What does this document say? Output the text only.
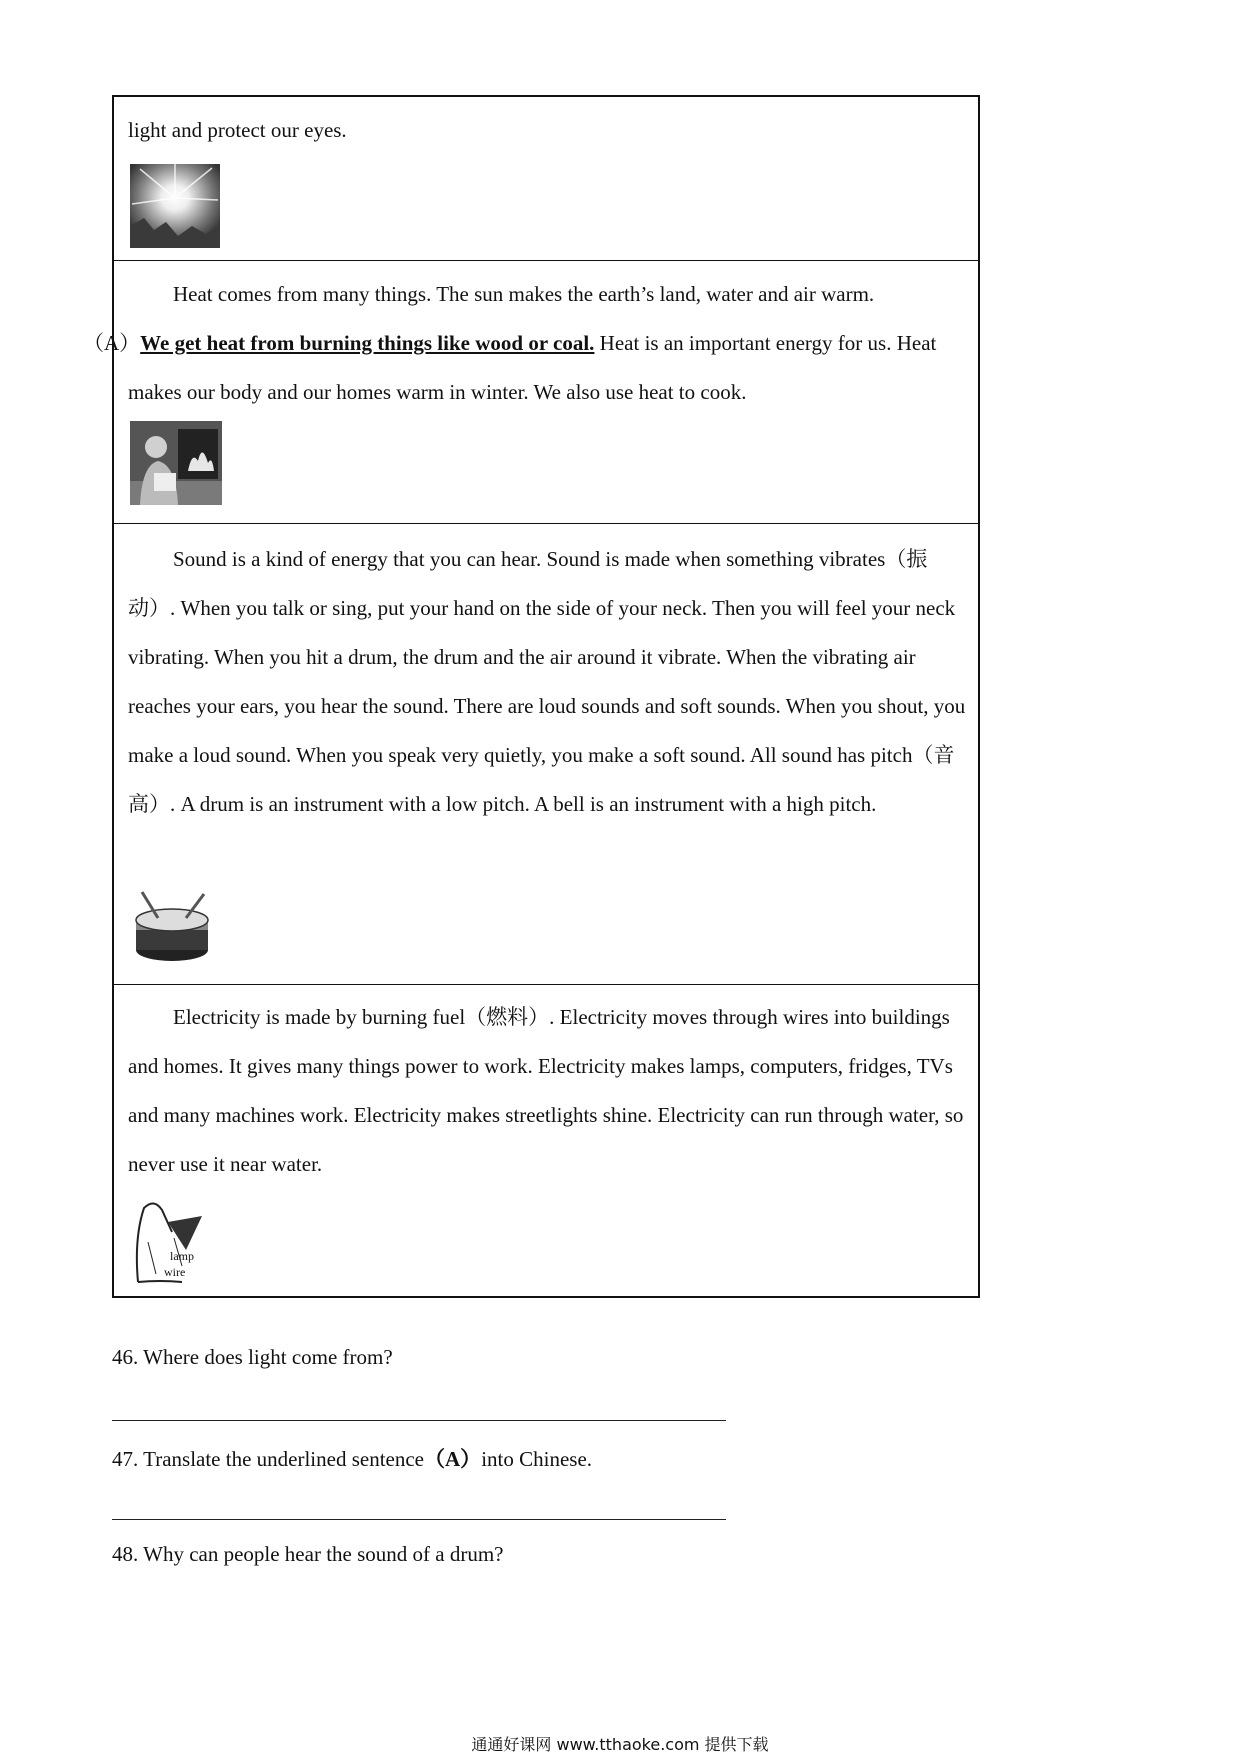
light and protect our eyes.

Heat comes from many things. The sun makes the earth’s land, water and air warm.
（A）We get heat from burning things like wood or coal. Heat is an important energy for us. Heat makes our body and our homes warm in winter. We also use heat to cook.

Sound is a kind of energy that you can hear. Sound is made when something vibrates（振动）. When you talk or sing, put your hand on the side of your neck. Then you will feel your neck vibrating. When you hit a drum, the drum and the air around it vibrate. When the vibrating air reaches your ears, you hear the sound. There are loud sounds and soft sounds. When you shout, you make a loud sound. When you speak very quietly, you make a soft sound. All sound has pitch（音高）. A drum is an instrument with a low pitch. A bell is an instrument with a high pitch.

Electricity is made by burning fuel（燃料）. Electricity moves through wires into buildings and homes. It gives many things power to work. Electricity makes lamps, computers, fridges, TVs and many machines work. Electricity makes streetlights shine. Electricity can run through water, so never use it near water.

lamp
wire
46. Where does light come from?
47. Translate the underlined sentence（A）into Chinese.
48. Why can people hear the sound of a drum?
通通好课网 www.tthaoke.com 提供下载
